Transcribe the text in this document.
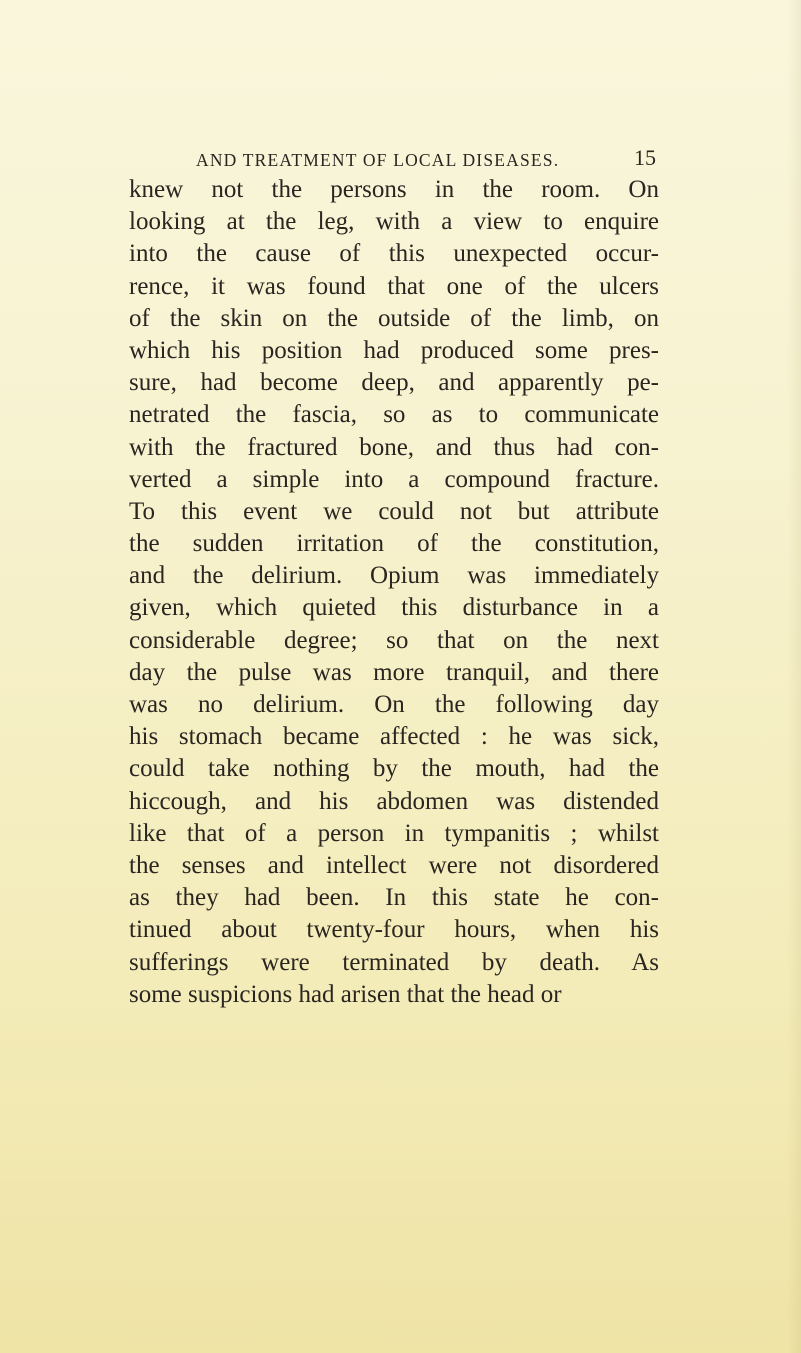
AND TREATMENT OF LOCAL DISEASES.	15
knew not the persons in the room. On
looking at the leg, with a view to enquire
into the cause of this unexpected occur-
rence, it was found that one of the ulcers
of the skin on the outside of the limb, on
which his position had produced some pres-
sure, had become deep, and apparently pe-
netrated the fascia, so as to communicate
with the fractured bone, and thus had con-
verted a simple into a compound fracture.
To this event we could not but attribute
the sudden irritation of the constitution,
and the delirium. Opium was immediately
given, which quieted this disturbance in a
considerable degree; so that on the next
day the pulse was more tranquil, and there
was no delirium. On the following day
his stomach became affected : he was sick,
could take nothing by the mouth, had the
hiccough, and his abdomen was distended
like that of a person in tympanitis ; whilst
the senses and intellect were not disordered
as they had been. In this state he con-
tinued about twenty-four hours, when his
sufferings were terminated by death. As
some suspicions had arisen that the head or
